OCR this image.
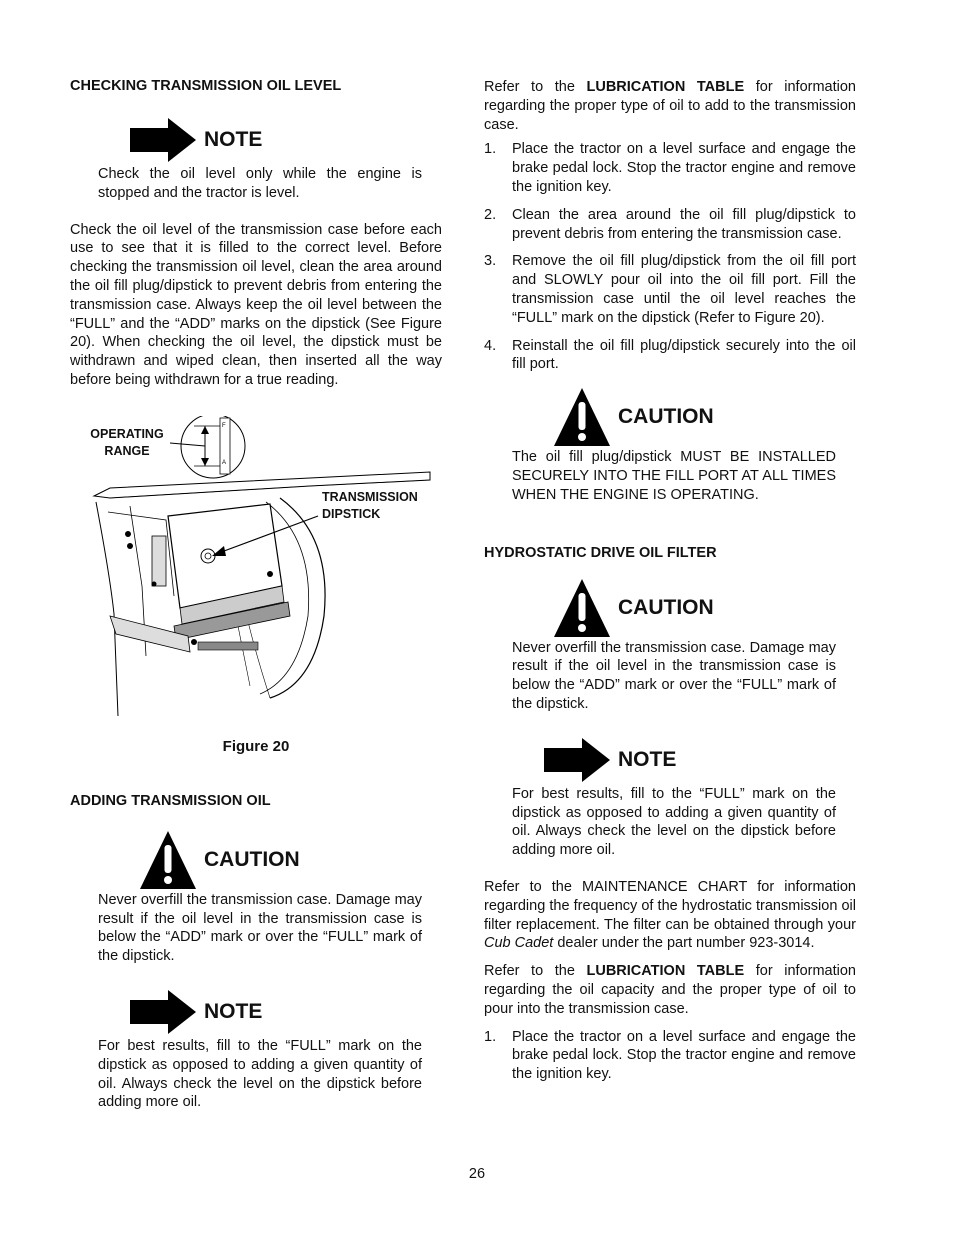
CHECKING TRANSMISSION OIL LEVEL
NOTE

Check the oil level only while the engine is stopped and the tractor is level.

Check the oil level of the transmission case before each use to see that it is filled to the correct level. Before checking the transmission oil level, clean the area around the oil fill plug/dipstick to prevent debris from entering the transmission case. Always keep the oil level between the “FULL” and the “ADD” marks on the dipstick (See Figure 20). When checking the oil level, the dipstick must be withdrawn and wiped clean, then inserted all the way before being withdrawn for a true reading.

F
A
OPERATING
RANGE
TRANSMISSION
DIPSTICK
Figure 20
ADDING TRANSMISSION OIL
CAUTION

Never overfill the transmission case. Damage may result if the oil level in the transmission case is below the “ADD” mark or over the “FULL” mark of the dipstick.

NOTE

For best results, fill to the “FULL” mark on the dipstick as opposed to adding a given quantity of oil. Always check the level on the dipstick before adding more oil.

Refer to the LUBRICATION TABLE for information regarding the proper type of oil to add to the transmission case.

1.	Place the tractor on a level surface and engage the brake pedal lock. Stop the tractor engine and remove the ignition key.
2.	Clean the area around the oil fill plug/dipstick to prevent debris from entering the transmission case.
3.	Remove the oil fill plug/dipstick from the oil fill port and SLOWLY pour oil into the oil fill port. Fill the transmission case until the oil level reaches the “FULL” mark on the dipstick (Refer to Figure 20).
4.	Reinstall the oil fill plug/dipstick securely into the oil fill port.
CAUTION

The oil fill plug/dipstick MUST BE INSTALLED SECURELY INTO THE FILL PORT AT ALL TIMES WHEN THE ENGINE IS OPERATING.

HYDROSTATIC DRIVE OIL FILTER
CAUTION

Never overfill the transmission case. Damage may result if the oil level in the transmission case is below the “ADD” mark or over the “FULL” mark of the dipstick.

NOTE

For best results, fill to the “FULL” mark on the dipstick as opposed to adding a given quantity of oil. Always check the level on the dipstick before adding more oil.

Refer to the MAINTENANCE CHART for information regarding the frequency of the hydrostatic transmission oil filter replacement. The filter can be obtained through your Cub Cadet dealer under the part number 923-3014.

Refer to the LUBRICATION TABLE for information regarding the oil capacity and the proper type of oil to pour into the transmission case.

1.	Place the tractor on a level surface and engage the brake pedal lock. Stop the tractor engine and remove the ignition key.
26
